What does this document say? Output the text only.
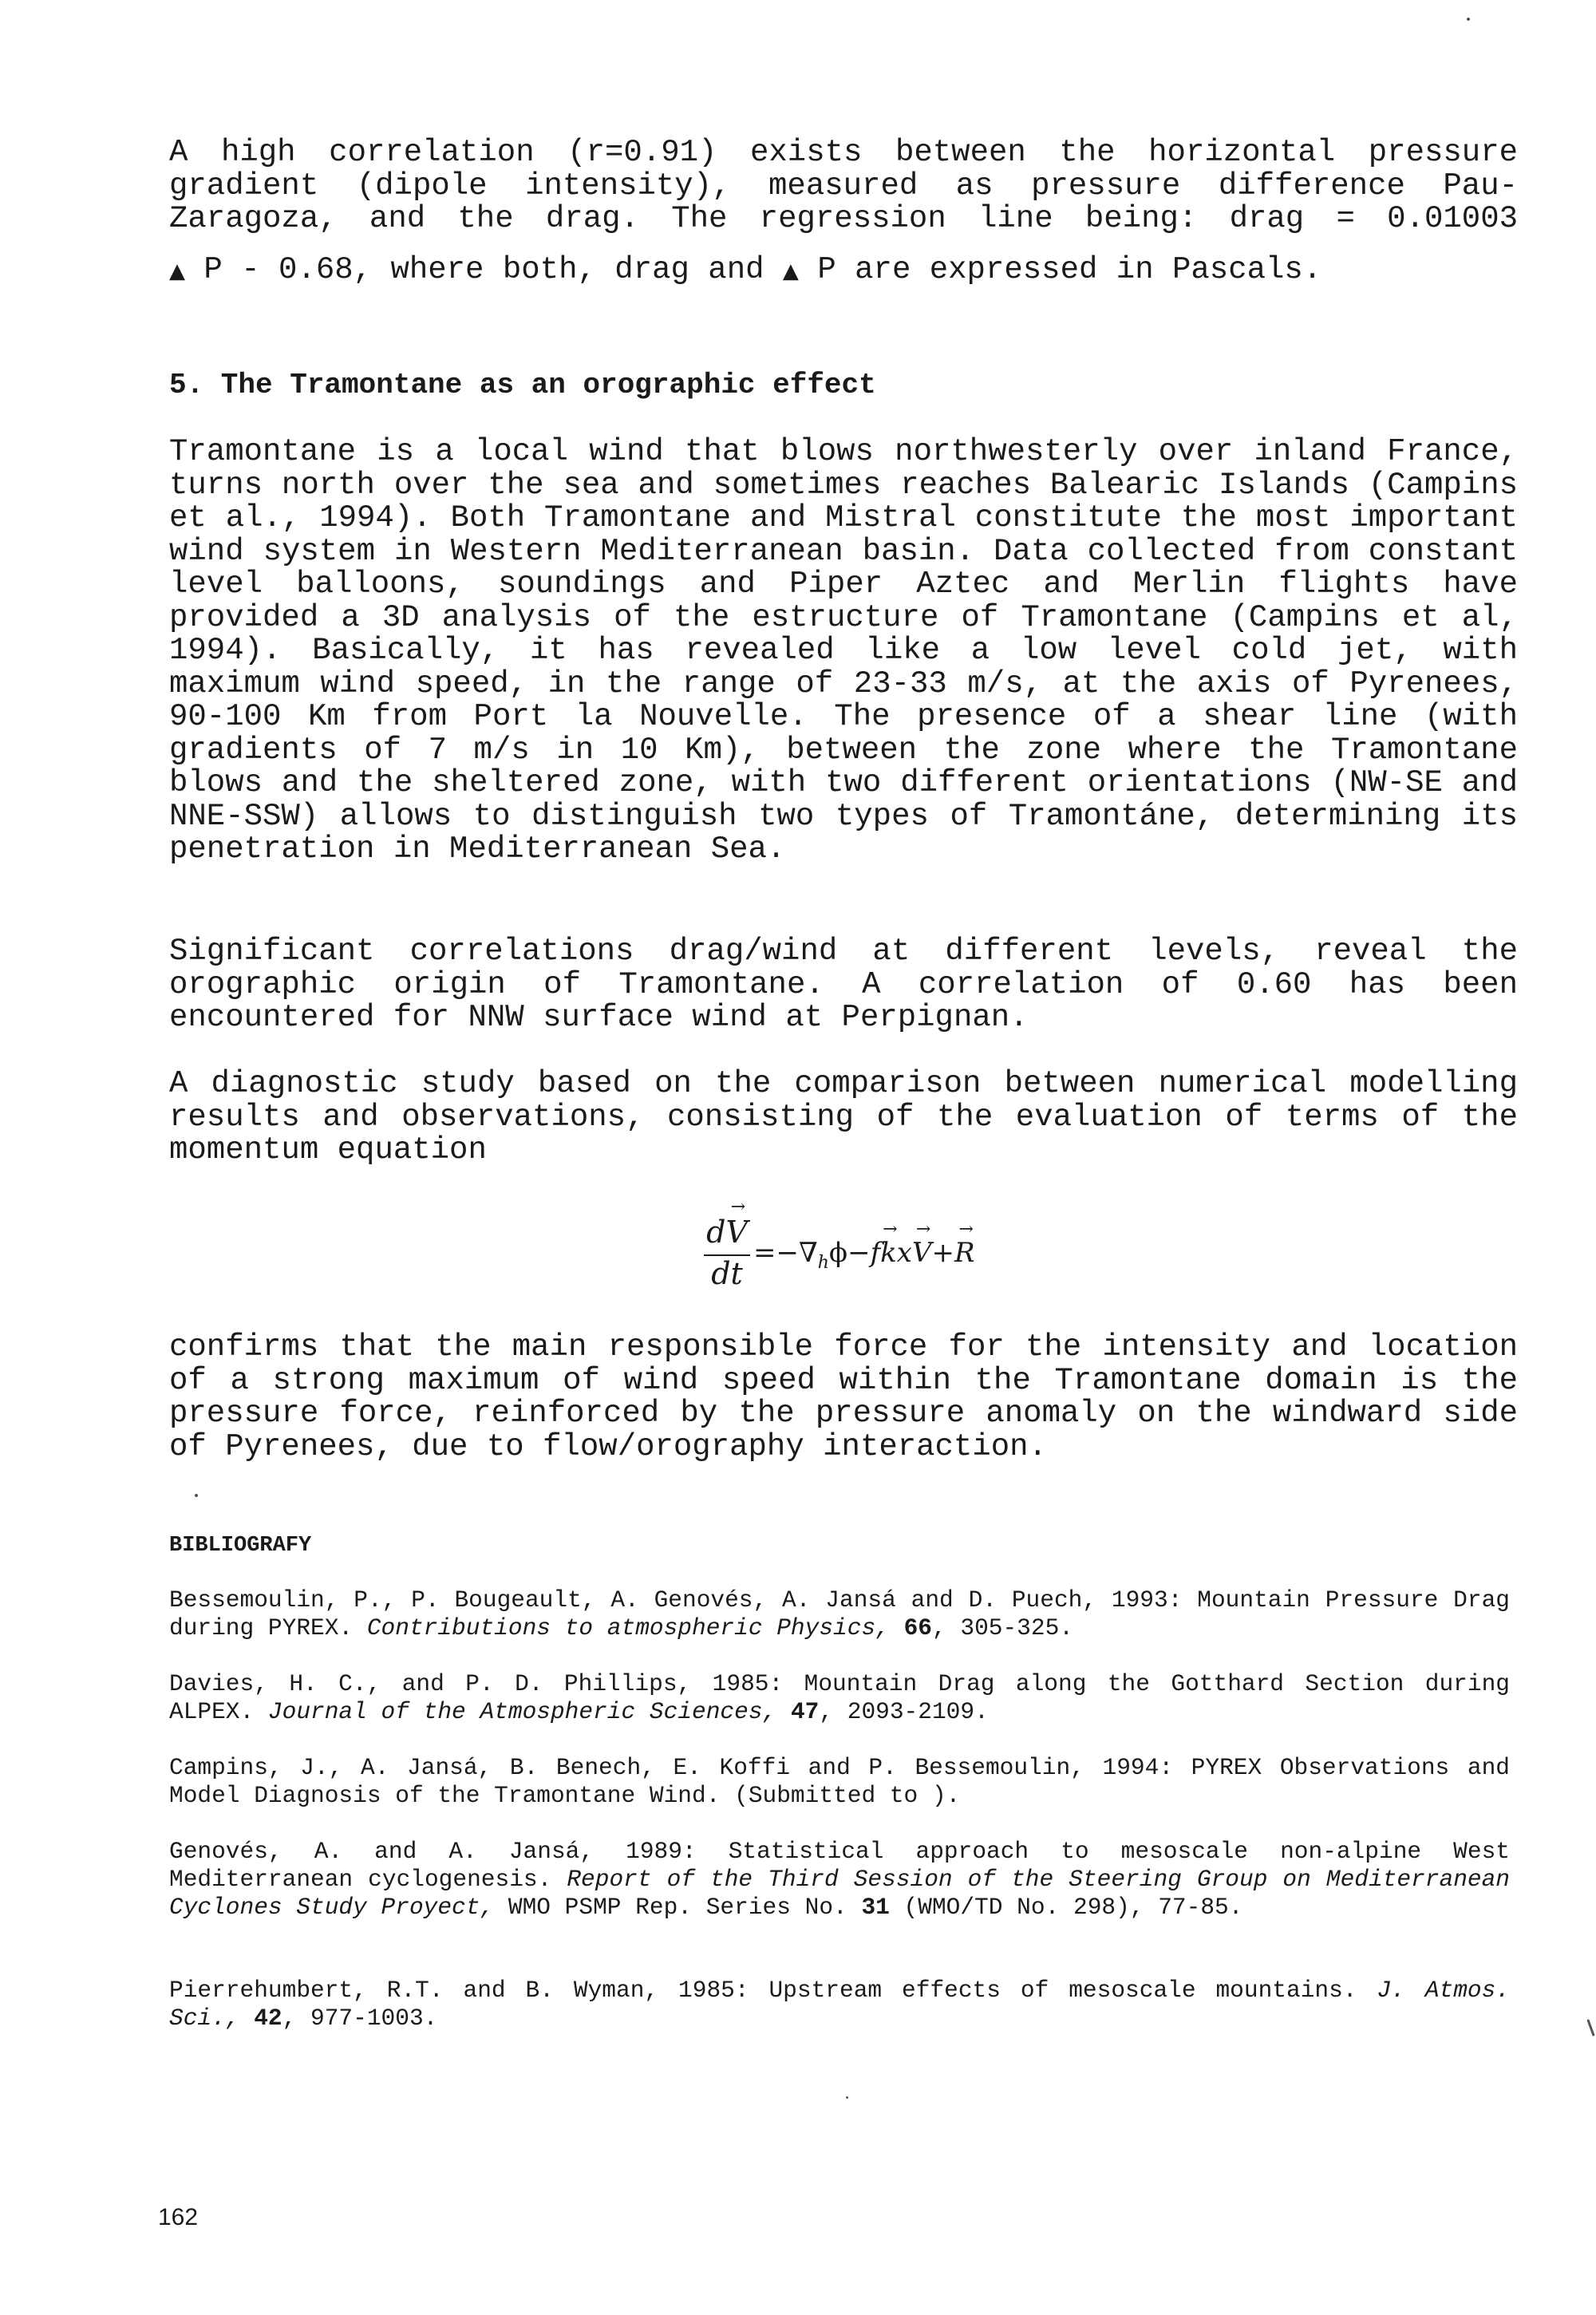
A high correlation (r=0.91) exists between the horizontal pressure gradient (dipole intensity), measured as pressure difference Pau-Zaragoza, and the drag. The regression line being: drag = 0.01003

▲ P - 0.68, where both, drag and ▲ P are expressed in Pascals.

5. The Tramontane as an orographic effect

Tramontane is a local wind that blows northwesterly over inland France, turns north over the sea and sometimes reaches Balearic Islands (Campins et al., 1994). Both Tramontane and Mistral constitute the most important wind system in Western Mediterranean basin. Data collected from constant level balloons, soundings and Piper Aztec and Merlin flights have provided a 3D analysis of the estructure of Tramontane (Campins et al, 1994). Basically, it has revealed like a low level cold jet, with maximum wind speed, in the range of 23-33 m/s, at the axis of Pyrenees, 90-100 Km from Port la Nouvelle. The presence of a shear line (with gradients of 7 m/s in 10 Km), between the zone where the Tramontane blows and the sheltered zone, with two different orientations (NW-SE and NNE-SSW) allows to distinguish two types of Tramontáne, determining its penetration in Mediterranean Sea.

Significant correlations drag/wind at different levels, reveal the orographic origin of Tramontane. A correlation of 0.60 has been encountered for NNW surface wind at Perpignan.

A diagnostic study based on the comparison between numerical modelling results and observations, consisting of the evaluation of terms of the momentum equation

d→ V
dt
$=-\nabla_h\phi-f\to kx\to V+\to R$

confirms that the main responsible force for the intensity and location of a strong maximum of wind speed within the Tramontane domain is the pressure force, reinforced by the pressure anomaly on the windward side of Pyrenees, due to flow/orography interaction.

BIBLIOGRAFY

Bessemoulin, P., P. Bougeault, A. Genovés, A. Jansá and D. Puech, 1993: Mountain Pressure Drag during PYREX. Contributions to atmospheric Physics, 66, 305-325.

Davies, H. C., and P. D. Phillips, 1985: Mountain Drag along the Gotthard Section during ALPEX. Journal of the Atmospheric Sciences, 47, 2093-2109.

Campins, J., A. Jansá, B. Benech, E. Koffi and P. Bessemoulin, 1994: PYREX Observations and Model Diagnosis of the Tramontane Wind. (Submitted to ).

Genovés, A. and A. Jansá, 1989: Statistical approach to mesoscale non-alpine West Mediterranean cyclogenesis. Report of the Third Session of the Steering Group on Mediterranean Cyclones Study Proyect, WMO PSMP Rep. Series No. 31 (WMO/TD No. 298), 77-85.

Pierrehumbert, R.T. and B. Wyman, 1985: Upstream effects of mesoscale mountains. J. Atmos. Sci., 42, 977-1003.

162
